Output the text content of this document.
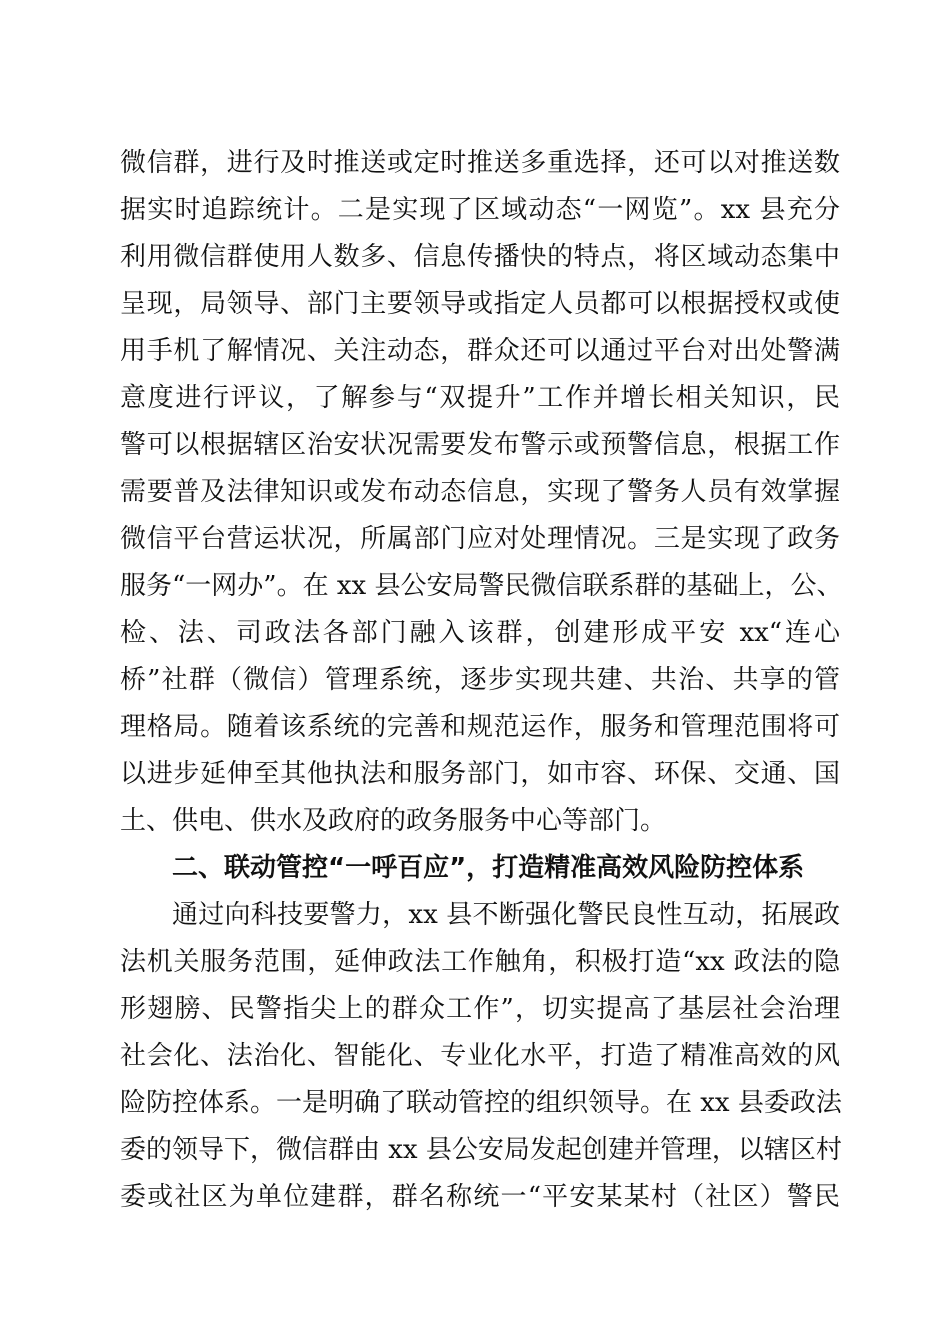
微信群，进行及时推送或定时推送多重选择，还可以对推送数
据实时追踪统计。二是实现了区域动态“一网览”。xx 县充分
利用微信群使用人数多、信息传播快的特点，将区域动态集中
呈现，局领导、部门主要领导或指定人员都可以根据授权或使
用手机了解情况、关注动态，群众还可以通过平台对出处警满
意度进行评议，了解参与“双提升”工作并增长相关知识，民
警可以根据辖区治安状况需要发布警示或预警信息，根据工作
需要普及法律知识或发布动态信息，实现了警务人员有效掌握
微信平台营运状况，所属部门应对处理情况。三是实现了政务
服务“一网办”。在 xx 县公安局警民微信联系群的基础上，公、
检、法、司政法各部门融入该群，创建形成平安 xx“连心
桥”社群（微信）管理系统，逐步实现共建、共治、共享的管
理格局。随着该系统的完善和规范运作，服务和管理范围将可
以进步延伸至其他执法和服务部门，如市容、环保、交通、国
土、供电、供水及政府的政务服务中心等部门。
二、联动管控“一呼百应”，打造精准高效风险防控体系
通过向科技要警力，xx 县不断强化警民良性互动，拓展政
法机关服务范围，延伸政法工作触角，积极打造“xx 政法的隐
形翅膀、民警指尖上的群众工作”，切实提高了基层社会治理
社会化、法治化、智能化、专业化水平，打造了精准高效的风
险防控体系。一是明确了联动管控的组织领导。在 xx 县委政法
委的领导下，微信群由 xx 县公安局发起创建并管理，以辖区村
委或社区为单位建群，群名称统一“平安某某村（社区）警民
